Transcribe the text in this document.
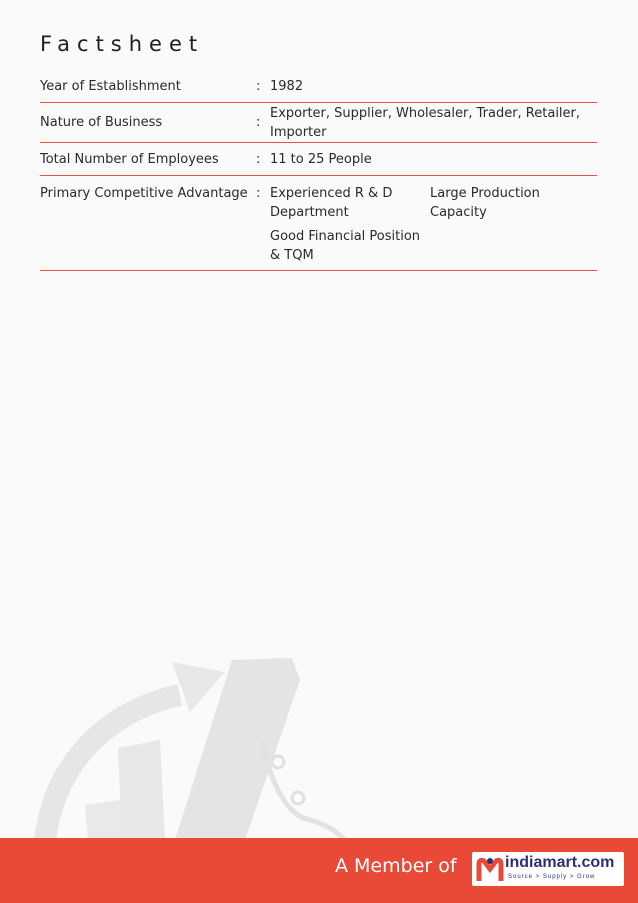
Factsheet
Year of Establishment	: 1982
Nature of Business	:
Exporter, Supplier, Wholesaler, Trader, Retailer, Importer
Total Number of Employees	: 11 to 25 People
Primary Competitive Advantage : Experienced R & D Department
Large Production Capacity
Good Financial Position & TQM
A Member of	indiamart.com
Source > Supply > Grow
